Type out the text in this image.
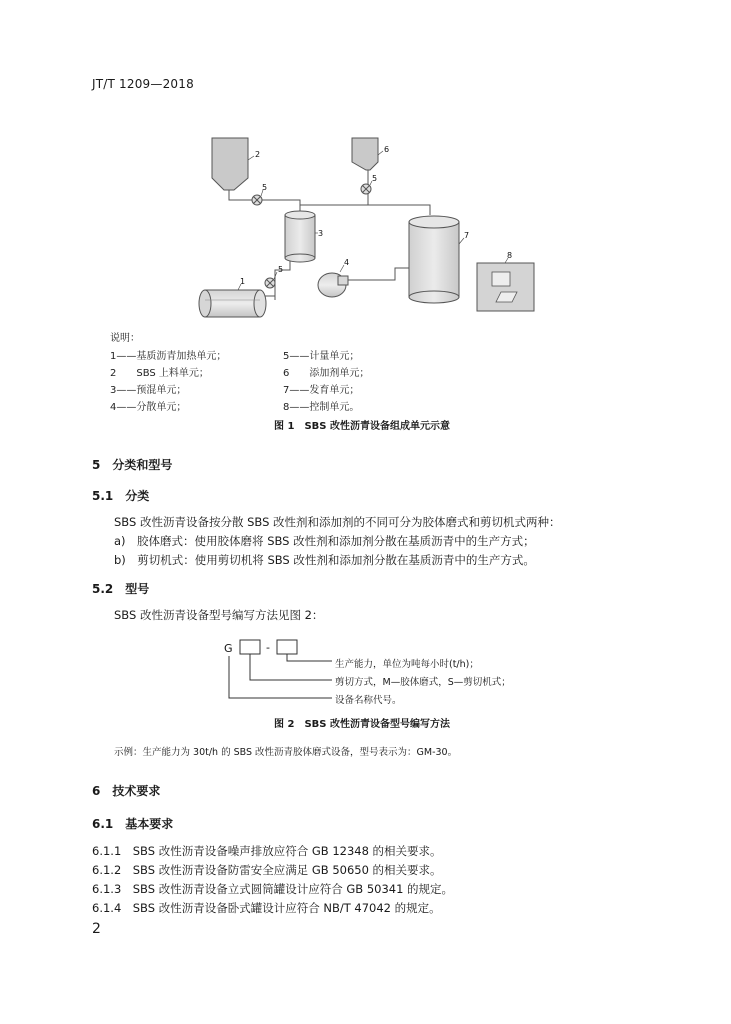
JT/T 1209—2018
2
6
5
5
5
3
1
4
7
8
说明：
1——基质沥青加热单元；
2　　SBS 上料单元；
3——预混单元；
4——分散单元；
5——计量单元；
6　　添加剂单元；
7——发育单元；
8——控制单元。
图 1　SBS 改性沥青设备组成单元示意
5　分类和型号
5.1　分类
SBS 改性沥青设备按分散 SBS 改性剂和添加剂的不同可分为胶体磨式和剪切机式两种：
a)　胶体磨式：使用胶体磨将 SBS 改性剂和添加剂分散在基质沥青中的生产方式；
b)　剪切机式：使用剪切机将 SBS 改性剂和添加剂分散在基质沥青中的生产方式。
5.2　型号
SBS 改性沥青设备型号编写方法见图 2：
G	-
生产能力，单位为吨每小时(t/h)；
剪切方式，M—胶体磨式，S—剪切机式；
设备名称代号。
图 2　SBS 改性沥青设备型号编写方法
示例：生产能力为 30t/h 的 SBS 改性沥青胶体磨式设备，型号表示为：GM-30。
6　技术要求
6.1　基本要求
6.1.1　SBS 改性沥青设备噪声排放应符合 GB 12348 的相关要求。
6.1.2　SBS 改性沥青设备防雷安全应满足 GB 50650 的相关要求。
6.1.3　SBS 改性沥青设备立式圆筒罐设计应符合 GB 50341 的规定。
6.1.4　SBS 改性沥青设备卧式罐设计应符合 NB/T 47042 的规定。
2
